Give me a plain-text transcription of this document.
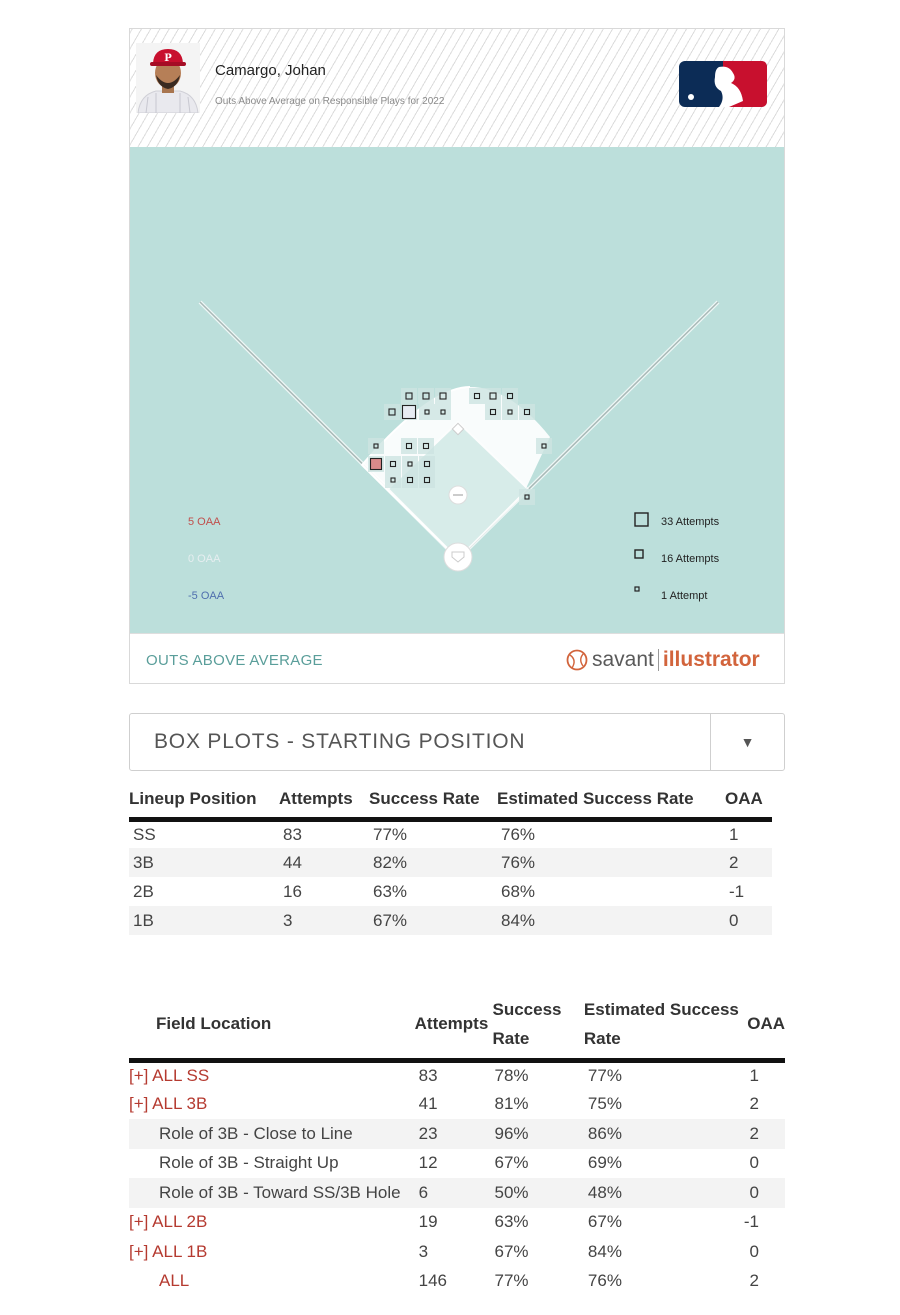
P
Camargo, Johan
Outs Above Average on Responsible Plays for 2022
5 OAA
0 OAA
-5 OAA
33 Attempts
16 Attempts
1 Attempt
OUTS ABOVE AVERAGE	savant illustrator
BOX PLOTS - STARTING POSITION	▼
Lineup Position	Attempts	Success Rate	Estimated Success Rate	OAA
SS	83	77%	76%	1
3B	44	82%	76%	2
2B	16	63%	68%	-1
1B	3	67%	84%	0
Field Location	Attempts	Success Rate	Estimated Success Rate	OAA
[+] ALL SS	83	78%	77%	1
[+] ALL 3B	41	81%	75%	2
Role of 3B - Close to Line	23	96%	86%	2
Role of 3B - Straight Up	12	67%	69%	0
Role of 3B - Toward SS/3B Hole	6	50%	48%	0
[+] ALL 2B	19	63%	67%	-1
[+] ALL 1B	3	67%	84%	0
ALL	146	77%	76%	2
